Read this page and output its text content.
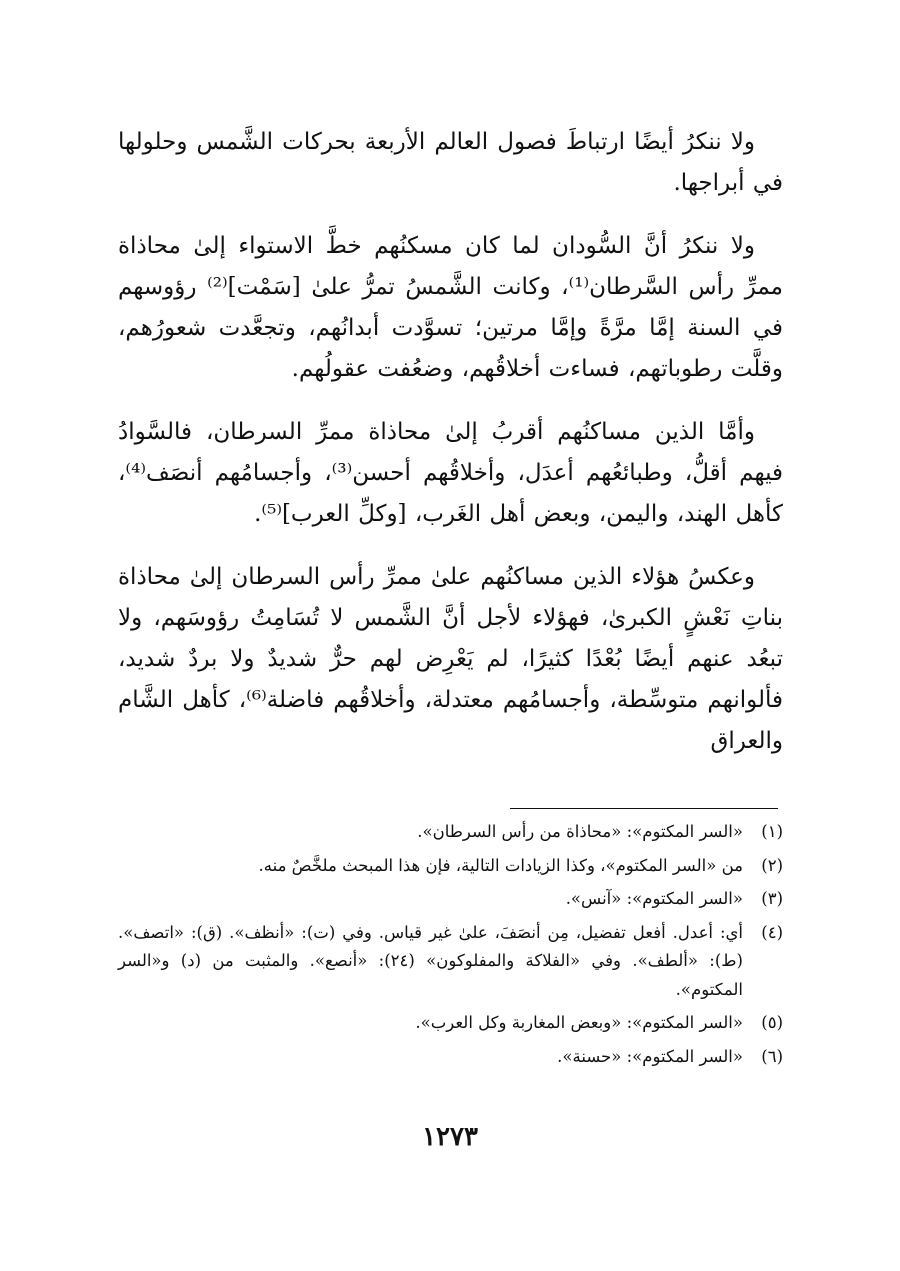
ولا ننكرُ أيضًا ارتباطَ فصول العالم الأربعة بحركات الشَّمس وحلولها في أبراجها.

ولا ننكرُ أنَّ السُّودان لما كان مسكنُهم خطَّ الاستواء إلىٰ محاذاة ممرِّ رأس السَّرطان⁽¹⁾، وكانت الشَّمسُ تمرُّ علىٰ [سَمْت]⁽²⁾ رؤوسهم في السنة إمَّا مرَّةً وإمَّا مرتين؛ تسوَّدت أبدانُهم، وتجعَّدت شعورُهم، وقلَّت رطوباتهم، فساءت أخلاقُهم، وضعُفت عقولُهم.

وأمَّا الذين مساكنُهم أقربُ إلىٰ محاذاة ممرِّ السرطان، فالسَّوادُ فيهم أقلُّ، وطبائعُهم أعدَل، وأخلاقُهم أحسن⁽³⁾، وأجسامُهم أنصَف⁽⁴⁾، كأهل الهند، واليمن، وبعض أهل الغَرب، [وكلِّ العرب]⁽⁵⁾.

وعكسُ هؤلاء الذين مساكنُهم علىٰ ممرِّ رأس السرطان إلىٰ محاذاة بناتِ نَعْشٍ الكبرىٰ، فهؤلاء لأجل أنَّ الشَّمس لا تُسَامِتُ رؤوسَهم، ولا تبعُد عنهم أيضًا بُعْدًا كثيرًا، لم يَعْرِض لهم حرٌّ شديدٌ ولا بردٌ شديد، فألوانهم متوسِّطة، وأجسامُهم معتدلة، وأخلاقُهم فاضلة⁽⁶⁾، كأهل الشَّام والعراق

(١)
«السر المكتوم»: «محاذاة من رأس السرطان».
(٢)
من «السر المكتوم»، وكذا الزيادات التالية، فإن هذا المبحث ملخَّصٌ منه.
(٣)
«السر المكتوم»: «آنس».
(٤)
أي: أعدل. أفعل تفضيل، مِن أنصَفَ، علىٰ غير قياس. وفي (ت): «أنظف». (ق): «اتصف». (ط): «ألطف». وفي «الفلاكة والمفلوكون» (٢٤): «أنصع». والمثبت من (د) و«السر المكتوم».
(٥)
«السر المكتوم»: «وبعض المغاربة وكل العرب».
(٦)
«السر المكتوم»: «حسنة».
١٢٧٣
